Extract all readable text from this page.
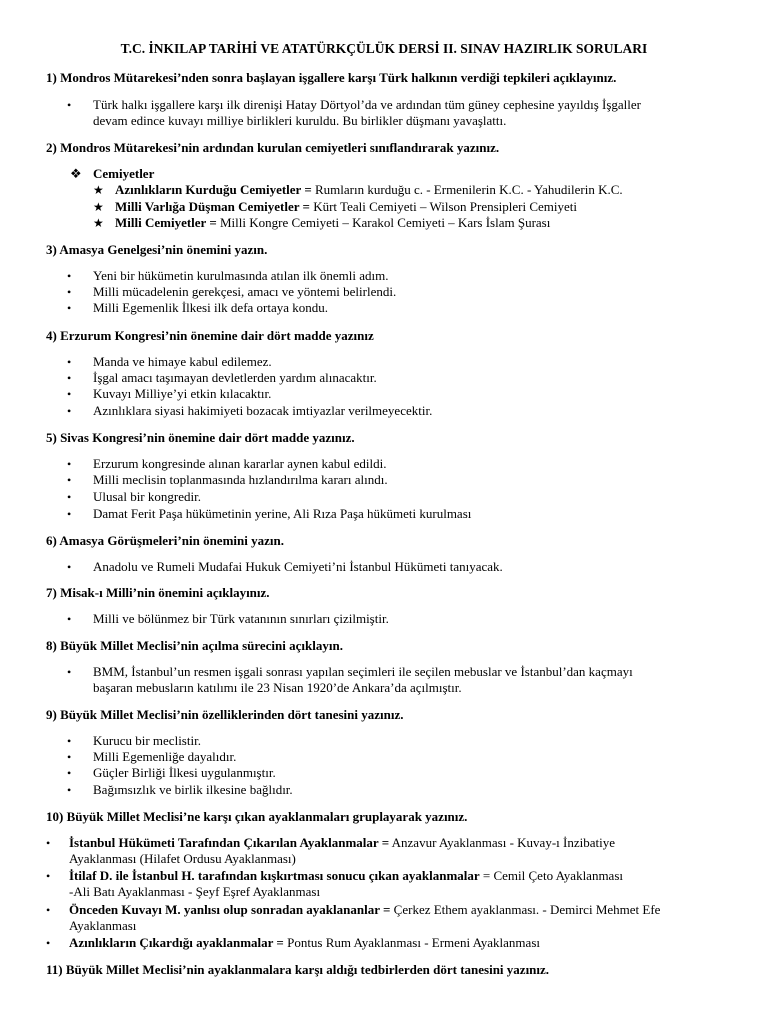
T.C. İNKILAP TARİHİ VE ATATÜRKÇÜLÜK DERSİ II. SINAV HAZIRLIK SORULARI
1) Mondros Mütarekesi’nden sonra başlayan işgallere karşı Türk halkının verdiği tepkileri açıklayınız.
• Türk halkı işgallere karşı ilk direnişi Hatay Dörtyol’da ve ardından tüm güney cephesine yayıldış İşgaller
devam edince kuvayı milliye birlikleri kuruldu. Bu birlikler düşmanı yavaşlattı.
2) Mondros Mütarekesi’nin ardından kurulan cemiyetleri sınıflandırarak yazınız.
❖ Cemiyetler
★ Azınlıkların Kurduğu Cemiyetler = Rumların kurduğu c. - Ermenilerin K.C. - Yahudilerin K.C.
★ Milli Varlığa Düşman Cemiyetler = Kürt Teali Cemiyeti – Wilson Prensipleri Cemiyeti
★ Milli Cemiyetler = Milli Kongre Cemiyeti – Karakol Cemiyeti – Kars İslam Şurası
3) Amasya Genelgesi’nin önemini yazın.
• Yeni bir hükümetin kurulmasında atılan ilk önemli adım.
• Milli mücadelenin gerekçesi, amacı ve yöntemi belirlendi.
• Milli Egemenlik İlkesi ilk defa ortaya kondu.
4) Erzurum Kongresi’nin önemine dair dört madde yazınız
• Manda ve himaye kabul edilemez.
• İşgal amacı taşımayan devletlerden yardım alınacaktır.
• Kuvayı Milliye’yi etkin kılacaktır.
• Azınlıklara siyasi hakimiyeti bozacak imtiyazlar verilmeyecektir.
5) Sivas Kongresi’nin önemine dair dört madde yazınız.
• Erzurum kongresinde alınan kararlar aynen kabul edildi.
• Milli meclisin toplanmasında hızlandırılma kararı alındı.
• Ulusal bir kongredir.
• Damat Ferit Paşa hükümetinin yerine, Ali Rıza Paşa hükümeti kurulması
6) Amasya Görüşmeleri’nin önemini yazın.
• Anadolu ve Rumeli Mudafai Hukuk Cemiyeti’ni İstanbul Hükümeti tanıyacak.
7) Misak-ı Milli’nin önemini açıklayınız.
• Milli ve bölünmez bir Türk vatanının sınırları çizilmiştir.
8) Büyük Millet Meclisi’nin açılma sürecini açıklayın.
• BMM, İstanbul’un resmen işgali sonrası yapılan seçimleri ile seçilen mebuslar ve İstanbul’dan kaçmayı
başaran mebusların katılımı ile 23 Nisan 1920’de Ankara’da açılmıştır.
9) Büyük Millet Meclisi’nin özelliklerinden dört tanesini yazınız.
• Kurucu bir meclistir.
• Milli Egemenliğe dayalıdır.
• Güçler Birliği İlkesi uygulanmıştır.
• Bağımsızlık ve birlik ilkesine bağlıdır.
10) Büyük Millet Meclisi’ne karşı çıkan ayaklanmaları gruplayarak yazınız.
• İstanbul Hükümeti Tarafından Çıkarılan Ayaklanmalar = Anzavur Ayaklanması - Kuvay-ı İnzibatiye
Ayaklanması (Hilafet Ordusu Ayaklanması)
• İtilaf D. ile İstanbul H. tarafından kışkırtması sonucu çıkan ayaklanmalar = Cemil Çeto Ayaklanması
-Ali Batı Ayaklanması - Şeyf Eşref Ayaklanması
• Önceden Kuvayı M. yanlısı olup sonradan ayaklananlar = Çerkez Ethem ayaklanması. - Demirci Mehmet Efe
Ayaklanması
• Azınlıkların Çıkardığı ayaklanmalar = Pontus Rum Ayaklanması - Ermeni Ayaklanması
11) Büyük Millet Meclisi’nin ayaklanmalara karşı aldığı tedbirlerden dört tanesini yazınız.
